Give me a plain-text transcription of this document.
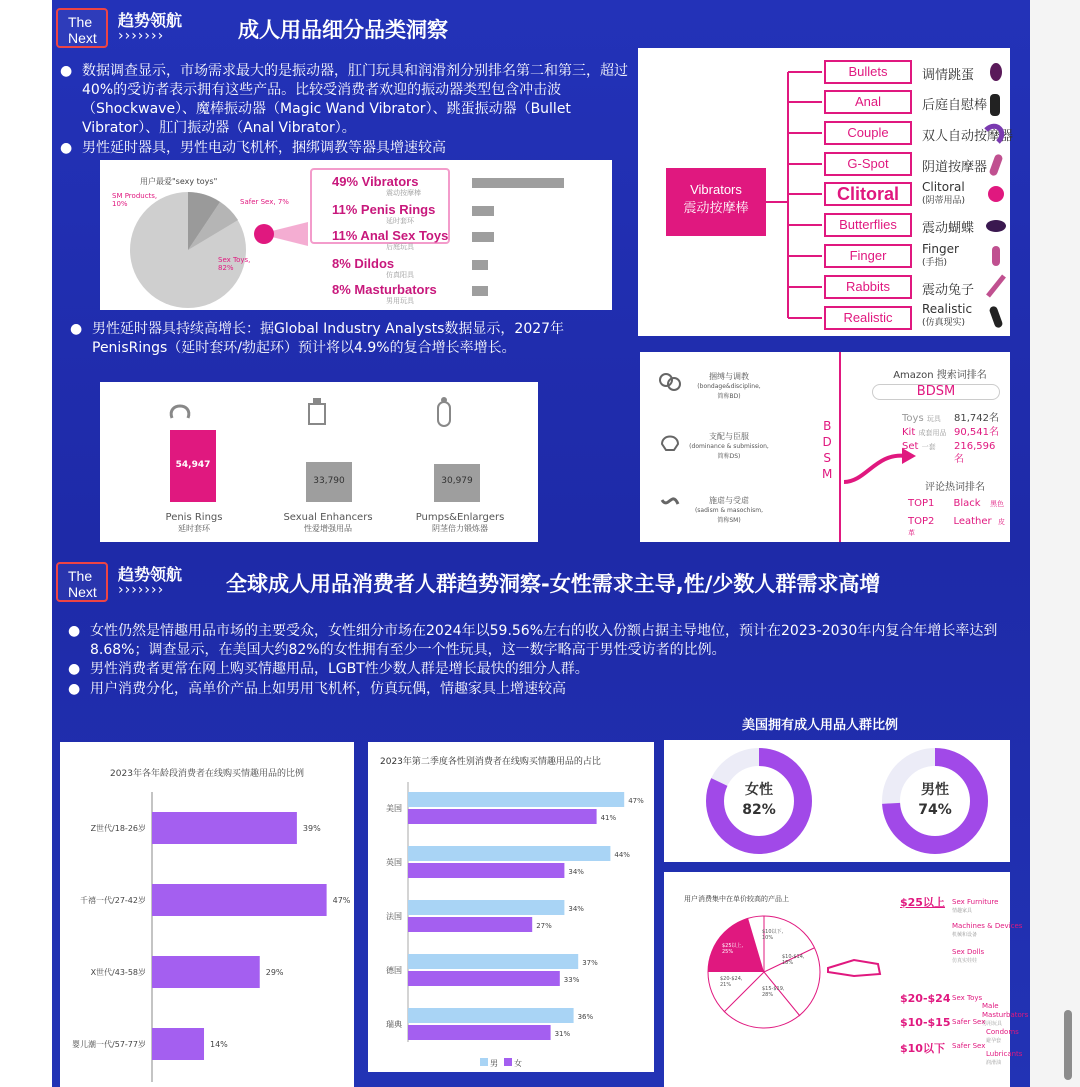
The
Next
趋势领航
›››››››	成人用品细分品类洞察
● 数据调查显示，市场需求最大的是振动器，肛门玩具和润滑剂分别排名第二和第三，超过40%的受访者表示拥有这些产品。比较受消费者欢迎的振动器类型包含冲击波（Shockwave）、魔棒振动器（Magic Wand Vibrator）、跳蛋振动器（Bullet Vibrator）、肛门振动器（Anal Vibrator）。
● 男性延时器具，男性电动飞机杯，捆绑调教等器具增速较高
用户最爱"sexy toys"
SM Products, 10%	Safer Sex, 7%
Sex Toys, 82%
49% Vibrators
震动按摩棒
11% Penis Rings
延时套环
11% Anal Sex Toys
后庭玩具
8% Dildos
仿真阳具
8% Masturbators
男用玩具
● 男性延时器具持续高增长：据Global Industry Analysts数据显示，2027年PenisRings（延时套环/勃起环）预计将以4.9%的复合增长率增长。
54,947
33,790	30,979
Penis Rings
延时套环
Sexual Enhancers
性爱增强用品
Pumps&Enlargers
阴茎倍力锻炼器
Vibrators
震动按摩棒
Bullets	调情跳蛋
Anal	后庭自慰棒
Couple	双人自动按摩器
G-Spot	阴道按摩器
Clitoral	Clitoral
(阴蒂用品)
Butterflies	震动蝴蝶
Finger	Finger
(手指)
Rabbits	震动兔子
Realistic
Realistic
(仿真现实)
捆缚与调教
(bondage&discipline,
简称BD)
支配与臣服
(dominance & submission,
简称DS)
施虐与受虐
(sadism & masochism,
简称SM)
B
D
S
M
Amazon 搜索词排名
BDSM
Toys 玩具 81,742名
Kit 成套用品 90,541名
Set 一套 216,596名
评论热词排名
TOP1 Black 黑色
TOP2 Leather 皮革
The
Next
趋势领航
›››››››	全球成人用品消费者人群趋势洞察-女性需求主导,性/少数人群需求高增
● 女性仍然是情趣用品市场的主要受众，女性细分市场在2024年以59.56%左右的收入份额占据主导地位，预计在2023-2030年内复合年增长率达到8.68%；调查显示，在美国大约82%的女性拥有至少一个性玩具，这一数字略高于男性受访者的比例。
● 男性消费者更常在网上购买情趣用品，LGBT性少数人群是增长最快的细分人群。
● 用户消费分化，高单价产品上如男用飞机杯，仿真玩偶，情趣家具上增速较高
美国拥有成人用品人群比例
2023年各年龄段消费者在线购买情趣用品的比例
Z世代/18-26岁	39%
千禧一代/27-42岁	47%
X世代/43-58岁	29%
婴儿潮一代/57-77岁	14%
2023年第二季度各性别消费者在线购买情趣用品的占比
47%
41%
美国
44%
34%
英国
34%
27%
法国
37%
33%
德国
36%
31%
瑞典
男 女
女性
82%
男性
74%
用户消费集中在单价较高的产品上
$25以上, 25%
$10以下, 10%
$10-$14, 18%
$15-$19, 28%
$20-$24, 21%
$25以上 Sex Furniture
情趣家具
Machines & Devices
机械和设备
Sex Dolls
仿真实娃娃
$20-$24 Sex Toys
Male Masturbators
男用玩具
$10-$15 Safer Sex
Condoms
避孕套
$10以下 Safer Sex
Lubricants
润滑油
